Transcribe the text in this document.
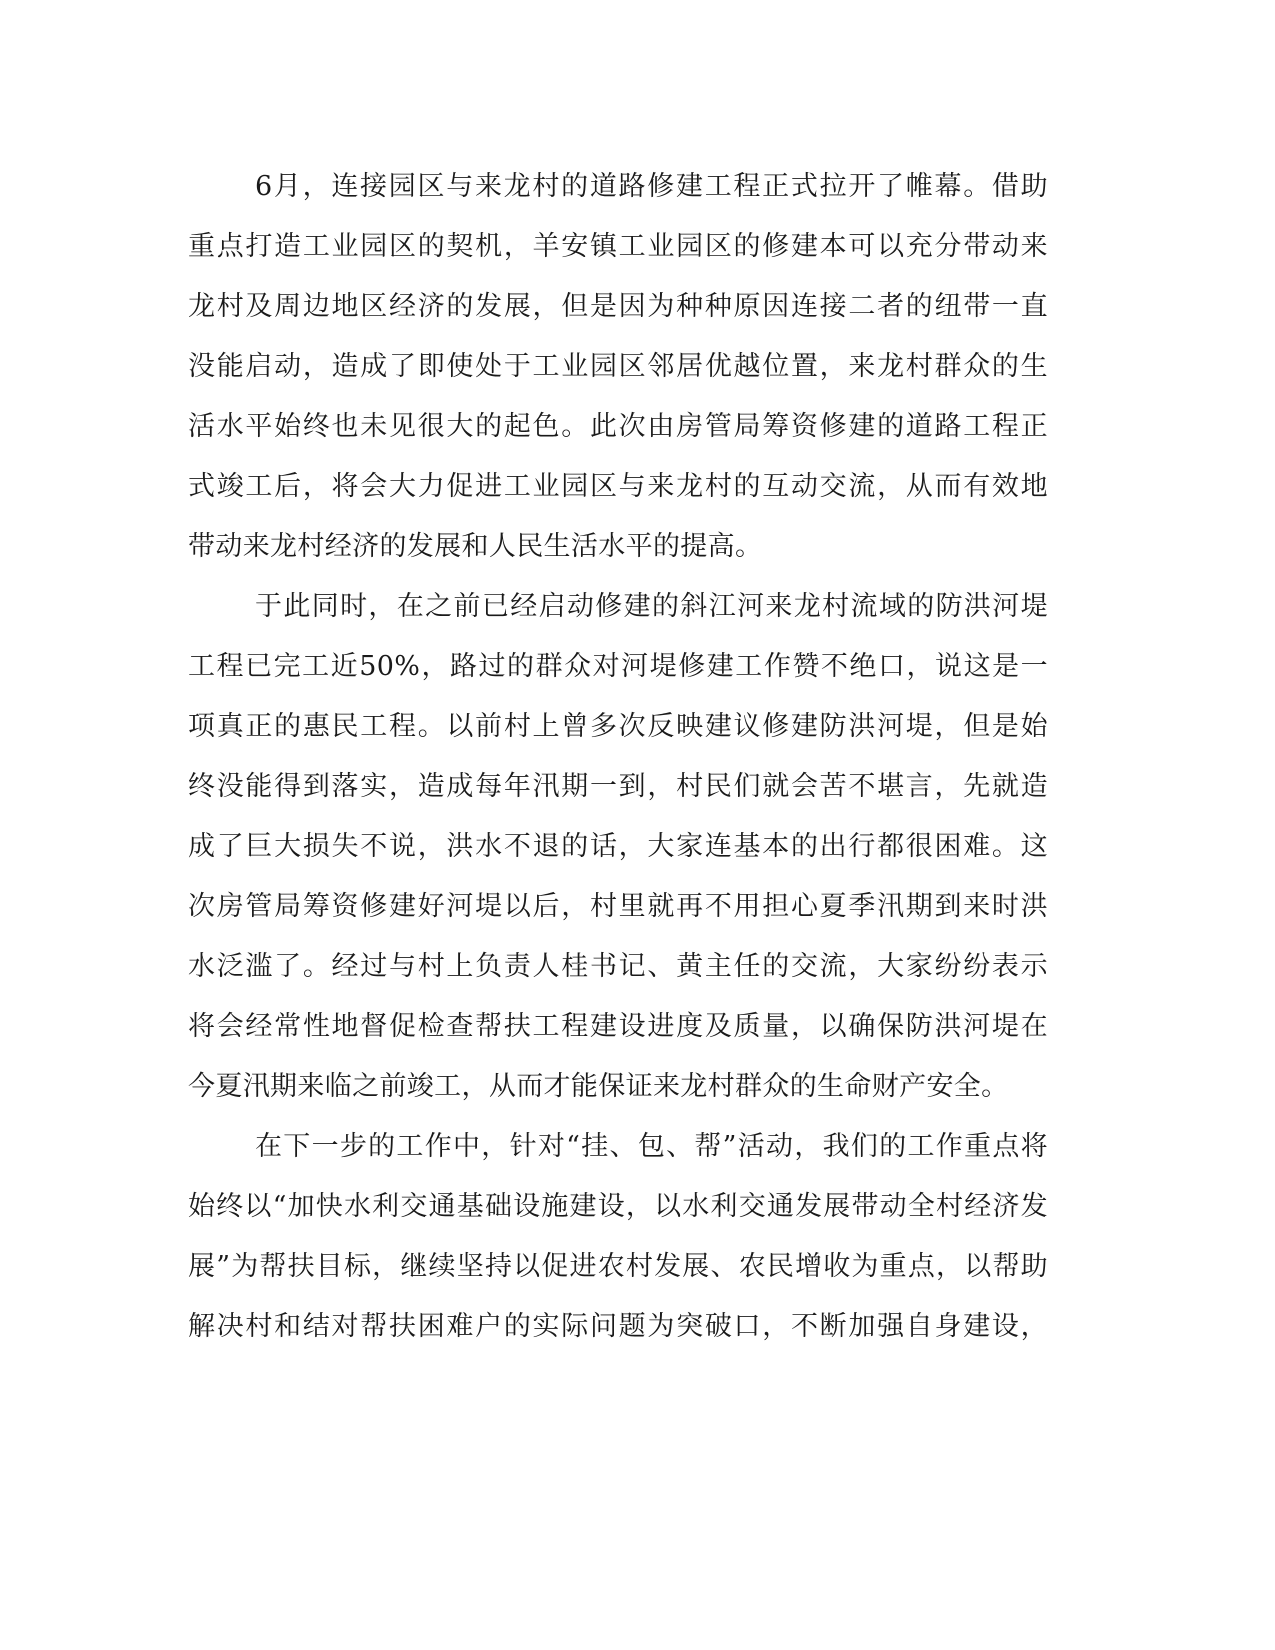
6月，连接园区与来龙村的道路修建工程正式拉开了帷幕。借助
重点打造工业园区的契机，羊安镇工业园区的修建本可以充分带动来
龙村及周边地区经济的发展，但是因为种种原因连接二者的纽带一直
没能启动，造成了即使处于工业园区邻居优越位置，来龙村群众的生
活水平始终也未见很大的起色。此次由房管局筹资修建的道路工程正
式竣工后，将会大力促进工业园区与来龙村的互动交流，从而有效地
带动来龙村经济的发展和人民生活水平的提高。
于此同时，在之前已经启动修建的斜江河来龙村流域的防洪河堤
工程已完工近50%，路过的群众对河堤修建工作赞不绝口，说这是一
项真正的惠民工程。以前村上曾多次反映建议修建防洪河堤，但是始
终没能得到落实，造成每年汛期一到，村民们就会苦不堪言，先就造
成了巨大损失不说，洪水不退的话，大家连基本的出行都很困难。这
次房管局筹资修建好河堤以后，村里就再不用担心夏季汛期到来时洪
水泛滥了。经过与村上负责人桂书记、黄主任的交流，大家纷纷表示
将会经常性地督促检查帮扶工程建设进度及质量，以确保防洪河堤在
今夏汛期来临之前竣工，从而才能保证来龙村群众的生命财产安全。
在下一步的工作中，针对“挂、包、帮”活动，我们的工作重点将
始终以“加快水利交通基础设施建设，以水利交通发展带动全村经济发
展”为帮扶目标，继续坚持以促进农村发展、农民增收为重点，以帮助
解决村和结对帮扶困难户的实际问题为突破口，不断加强自身建设，
